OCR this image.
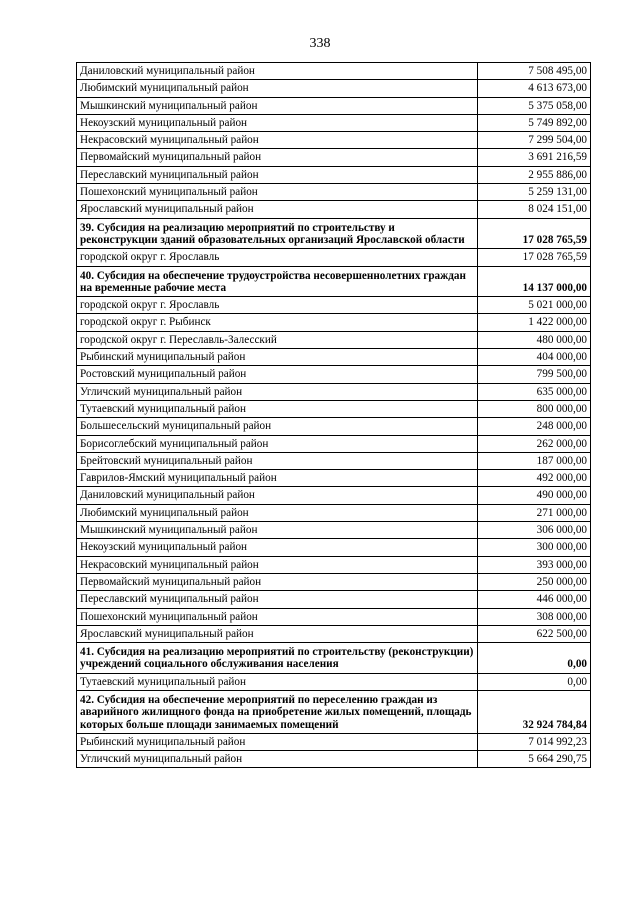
338
Даниловский муниципальный район	7 508 495,00
Любимский муниципальный район	4 613 673,00
Мышкинский муниципальный район	5 375 058,00
Некоузский муниципальный район	5 749 892,00
Некрасовский муниципальный район	7 299 504,00
Первомайский муниципальный район	3 691 216,59
Переславский муниципальный район	2 955 886,00
Пошехонский муниципальный район	5 259 131,00
Ярославский муниципальный район	8 024 151,00
39. Субсидия на реализацию мероприятий по строительству и реконструкции зданий образовательных организаций Ярославской области	17 028 765,59
городской округ г. Ярославль	17 028 765,59
40. Субсидия на обеспечение трудоустройства несовершеннолетних граждан на временные рабочие места	14 137 000,00
городской округ г. Ярославль	5 021 000,00
городской округ г. Рыбинск	1 422 000,00
городской округ г. Переславль-Залесский	480 000,00
Рыбинский муниципальный район	404 000,00
Ростовский муниципальный район	799 500,00
Угличский муниципальный район	635 000,00
Тутаевский муниципальный район	800 000,00
Большесельский муниципальный район	248 000,00
Борисоглебский муниципальный район	262 000,00
Брейтовский муниципальный район	187 000,00
Гаврилов-Ямский муниципальный район	492 000,00
Даниловский муниципальный район	490 000,00
Любимский муниципальный район	271 000,00
Мышкинский муниципальный район	306 000,00
Некоузский муниципальный район	300 000,00
Некрасовский муниципальный район	393 000,00
Первомайский муниципальный район	250 000,00
Переславский муниципальный район	446 000,00
Пошехонский муниципальный район	308 000,00
Ярославский муниципальный район	622 500,00
41. Субсидия на реализацию мероприятий по строительству (реконструкции) учреждений социального обслуживания населения	0,00
Тутаевский муниципальный район	0,00
42. Субсидия на обеспечение мероприятий по переселению граждан из аварийного жилищного фонда на приобретение жилых помещений, площадь которых больше площади занимаемых помещений	32 924 784,84
Рыбинский муниципальный район	7 014 992,23
Угличский муниципальный район	5 664 290,75
